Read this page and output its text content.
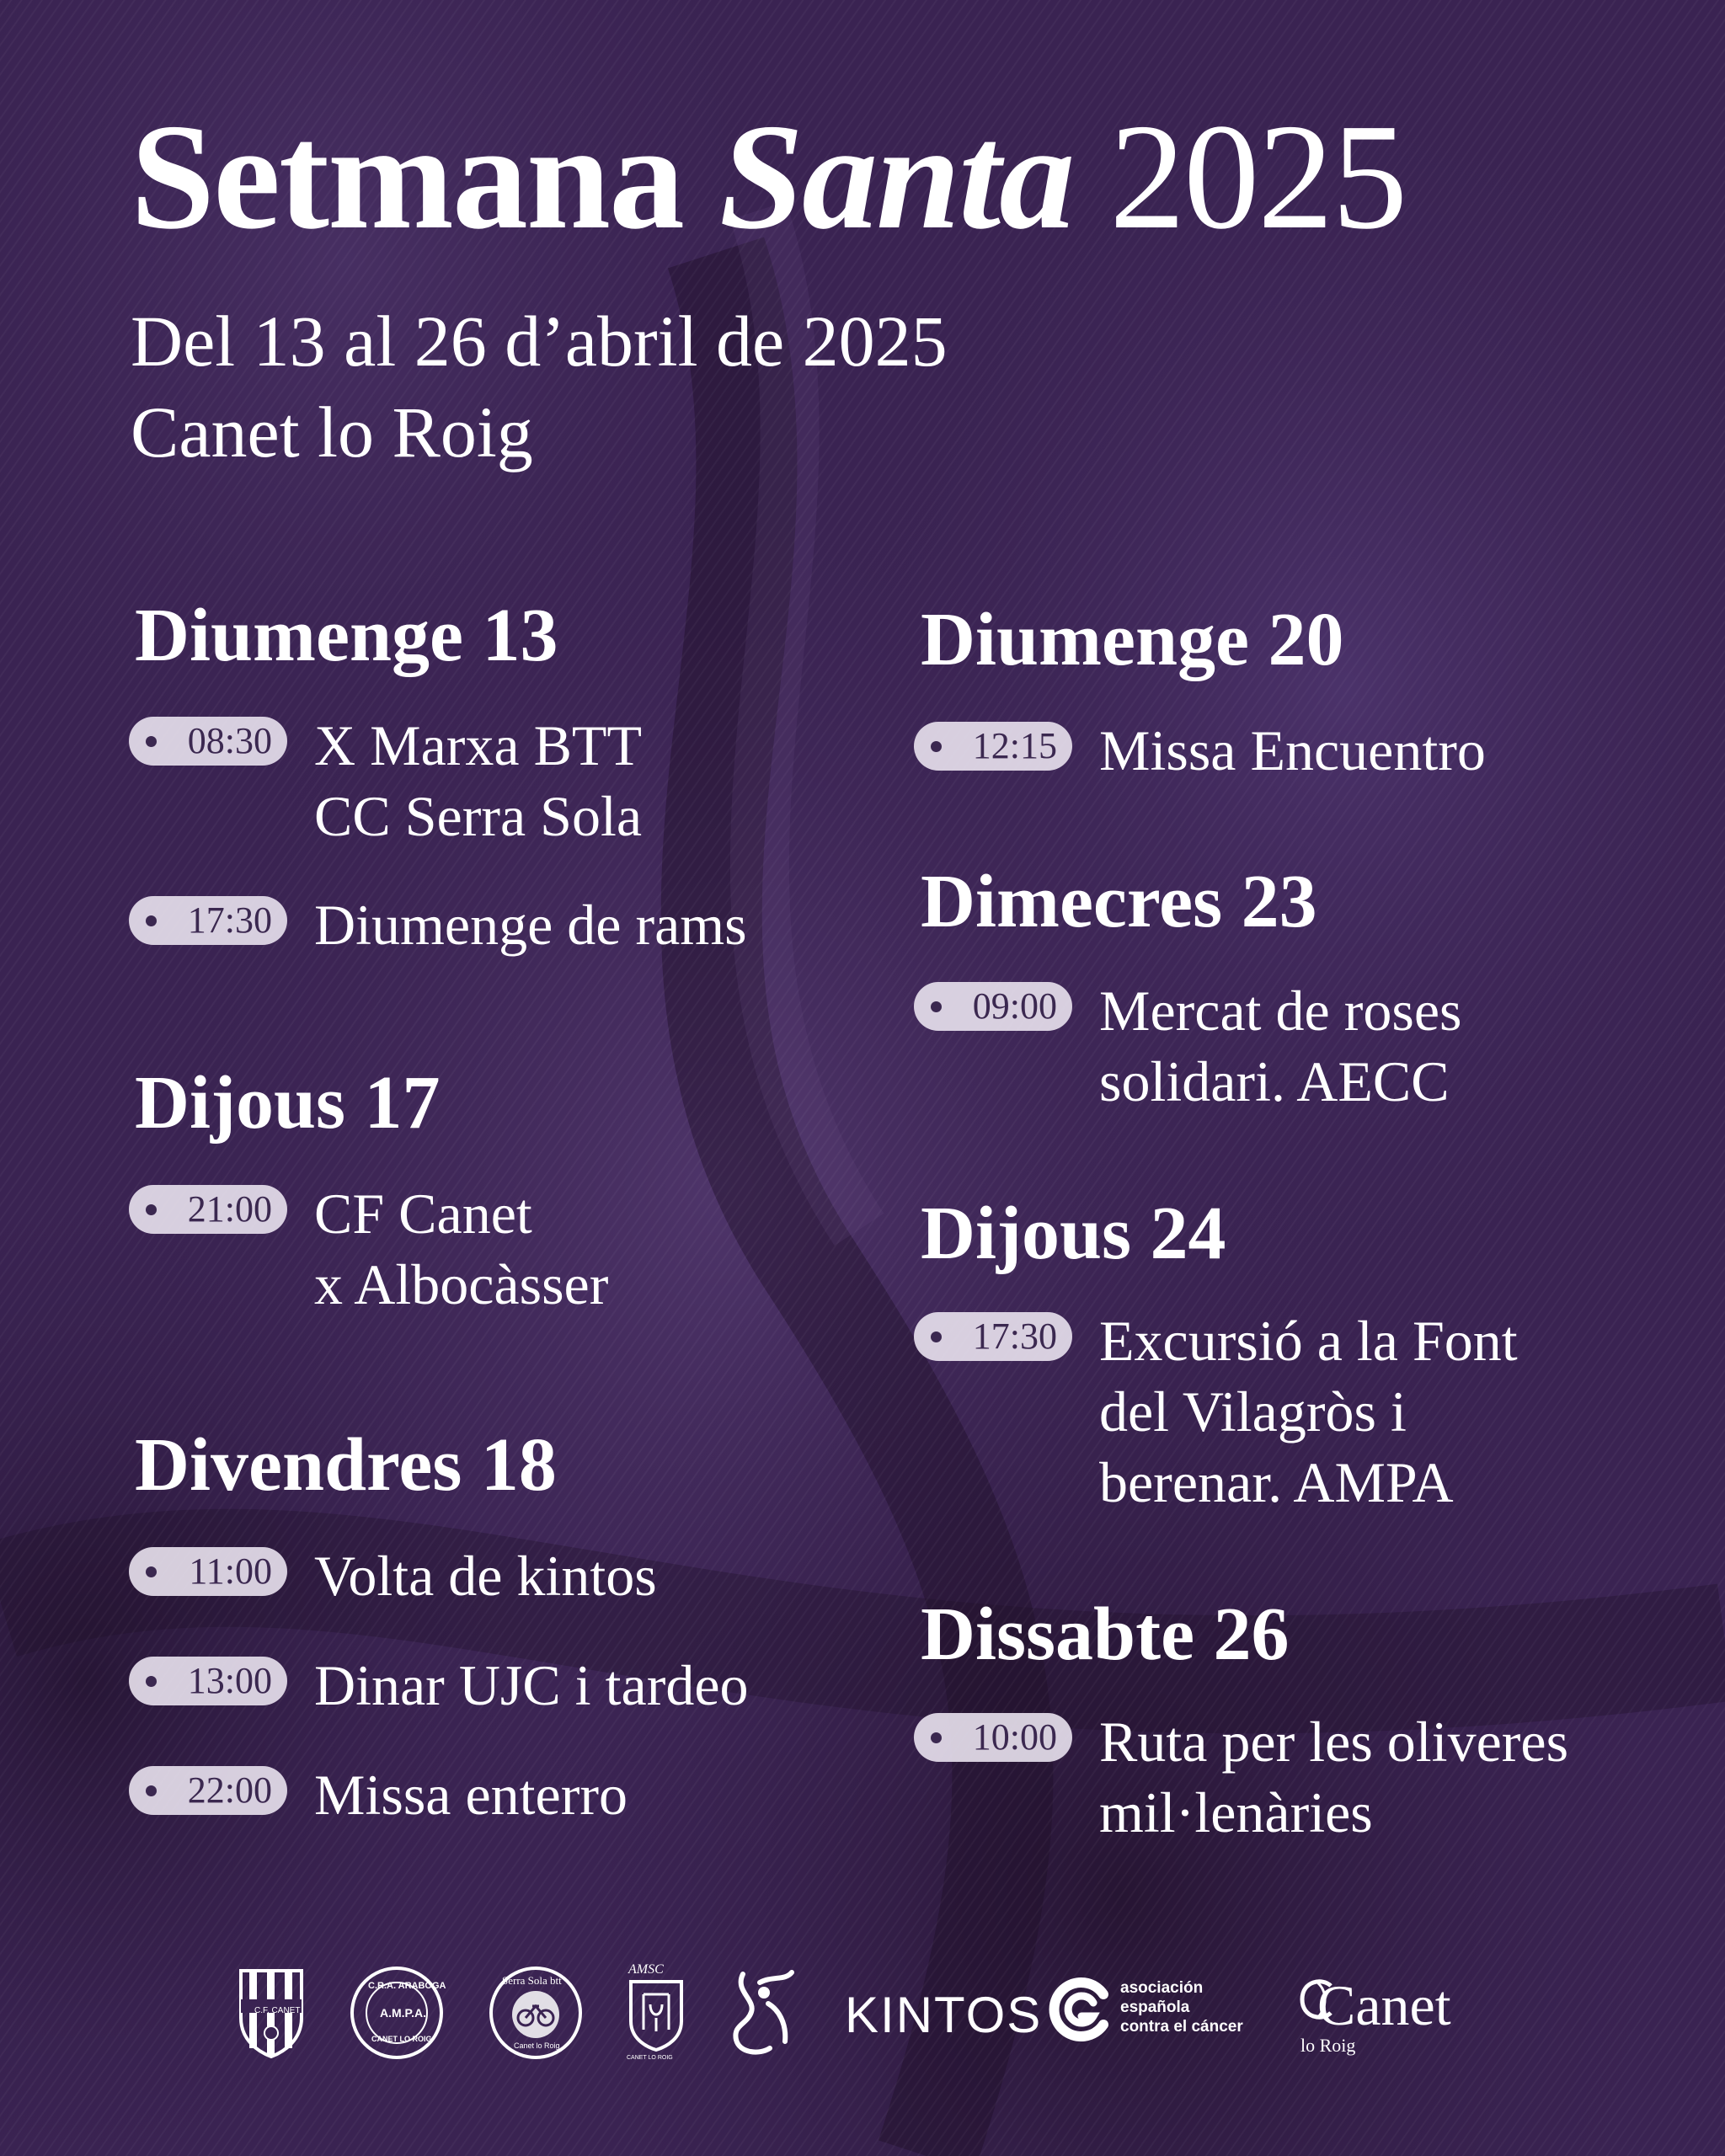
Setmana Santa 2025

Del 13 al 26 d’abril de 2025

Canet lo Roig

Diumenge 13
08:30 X Marxa BTT
CC Serra Sola
17:30 Diumenge de rams
Dijous 17
21:00 CF Canet
x Albocàsser
Divendres 18
11:00 Volta de kintos
13:00 Dinar UJC i tardeo
22:00 Missa enterro
Diumenge 20
12:15 Missa Encuentro
Dimecres 23
09:00 Mercat de roses
solidari. AECC
Dijous 24
17:30 Excursió a la Font
del Vilagròs i
berenar. AMPA
Dissabte 26
10:00 Ruta per les oliveres
mil·lenàries
C.F. CANET
C.R.A. ARABOGA
A.M.P.A.
CANET LO ROIG
Serra Sola btt
Canet lo Roig
AMSC
CANET LO ROIG
KINTOS	asociación
española
contra el cáncer Canet
lo Roig
